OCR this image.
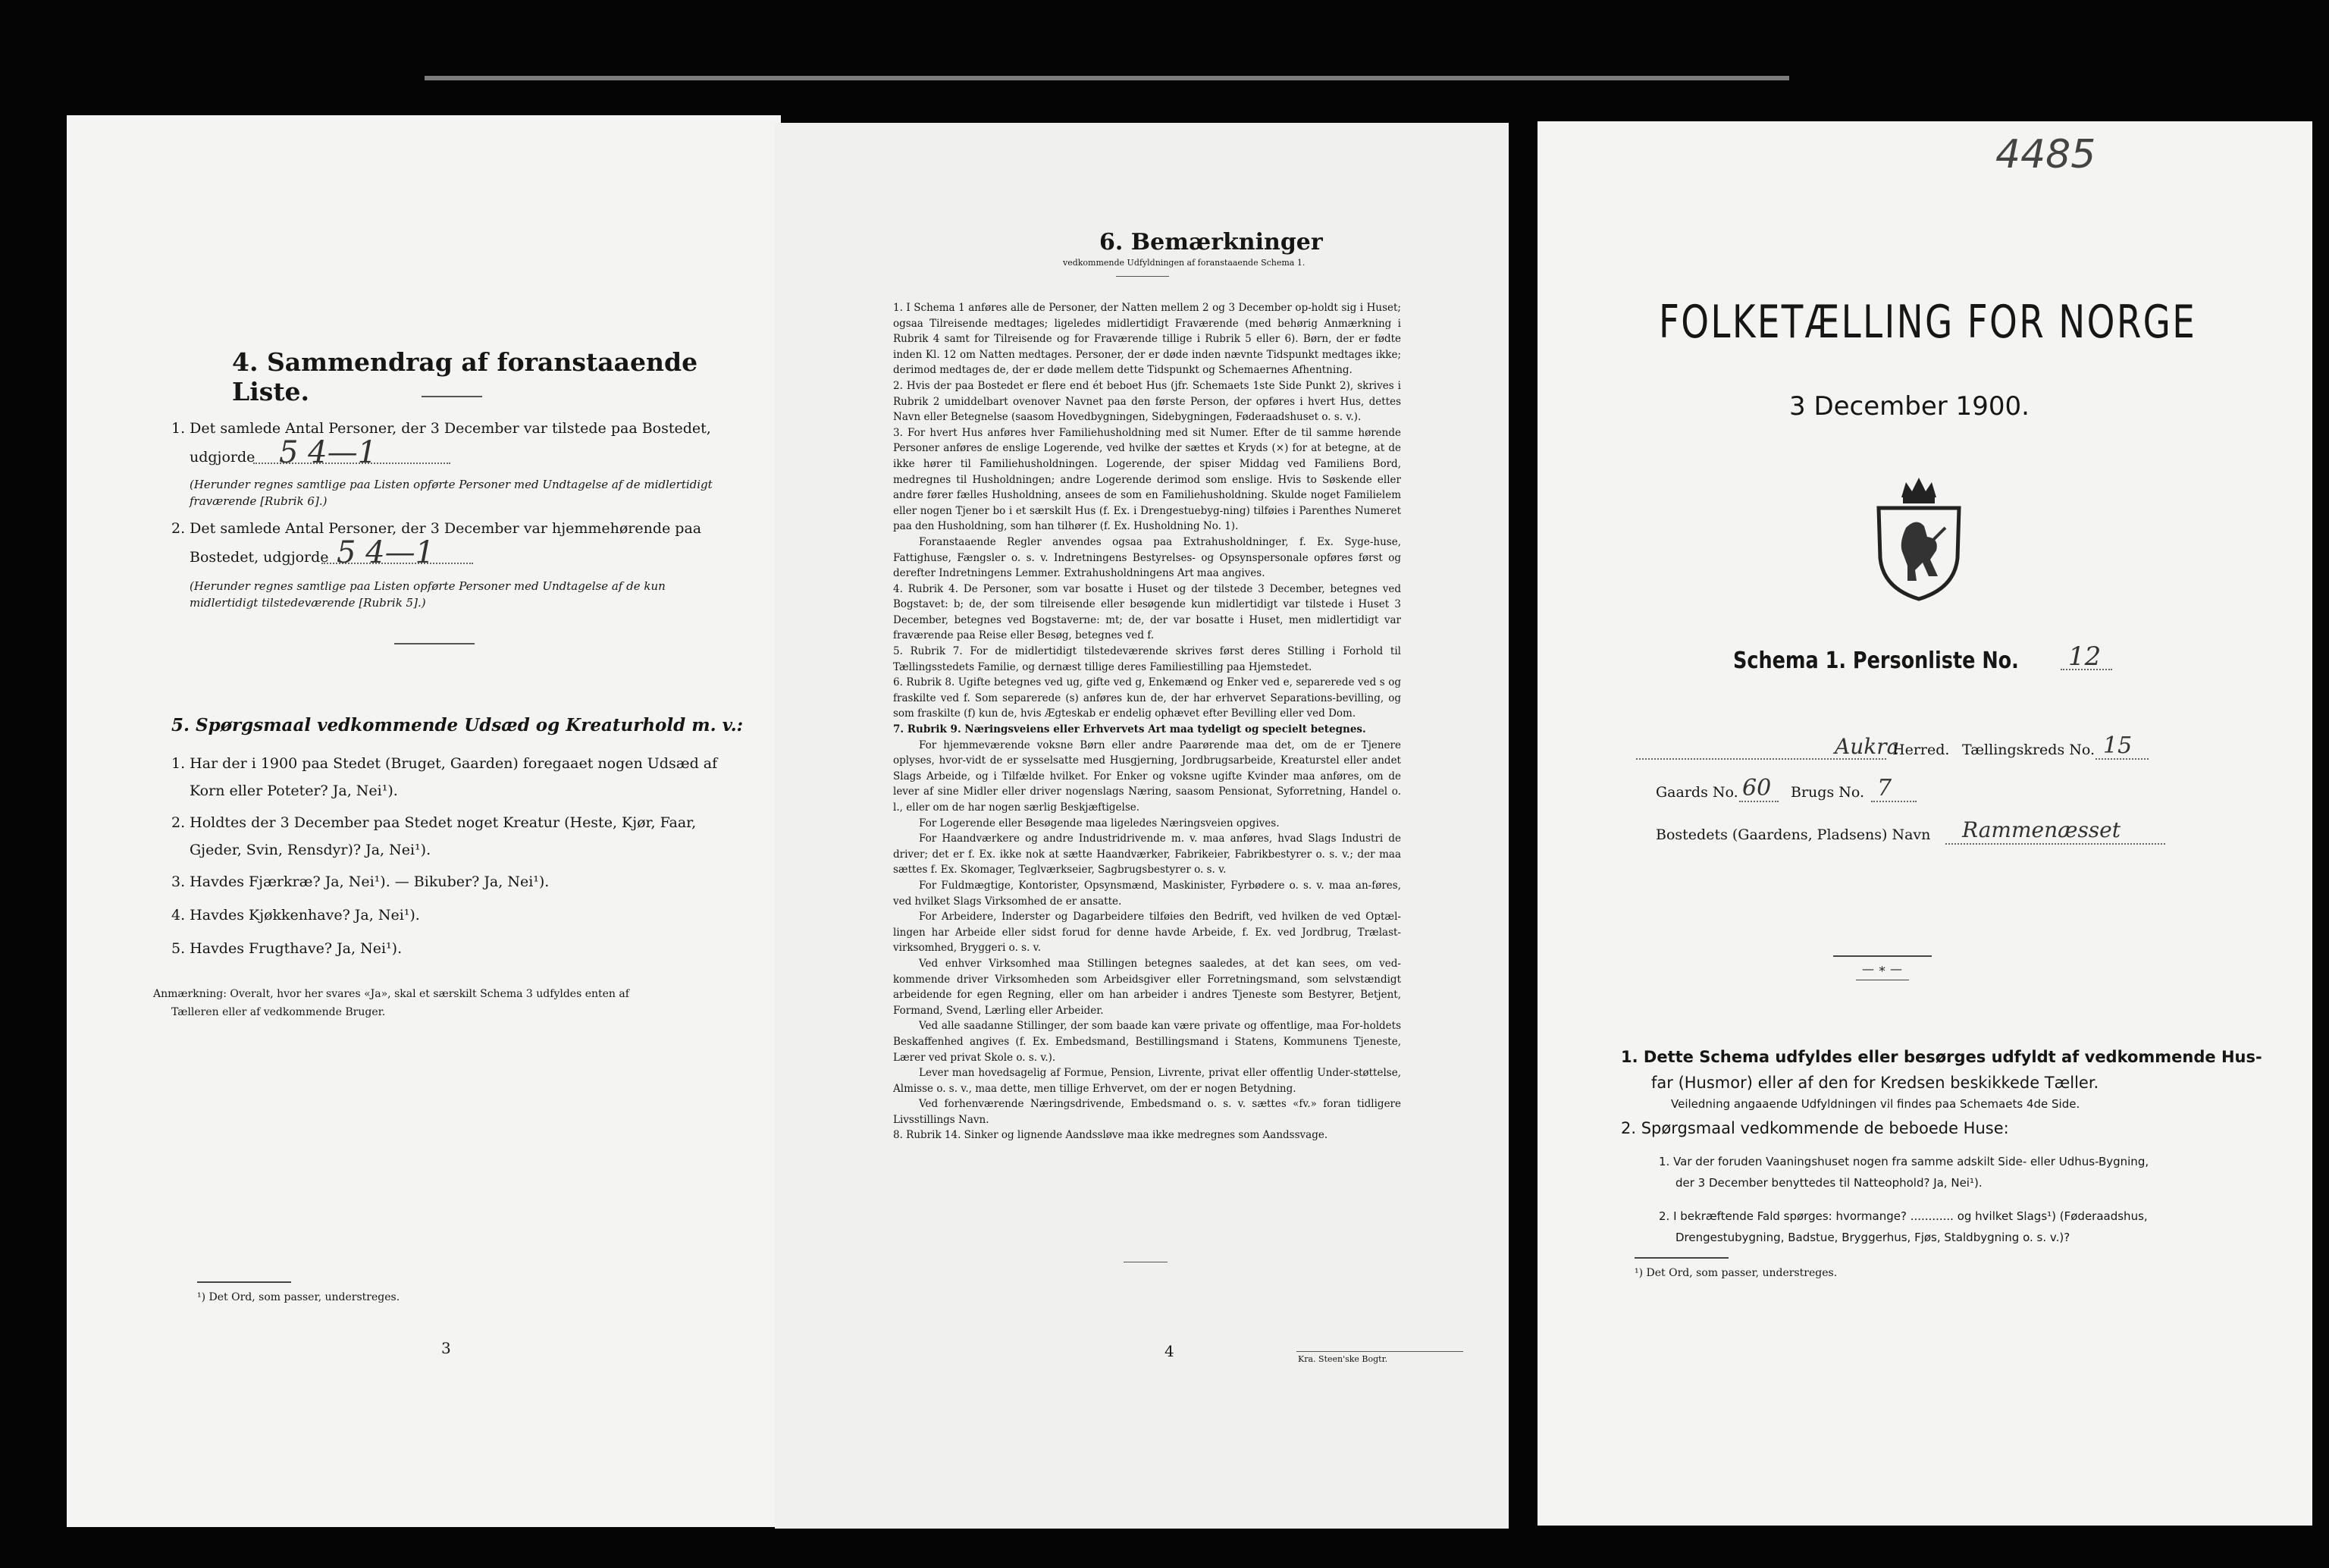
4. Sammendrag af foranstaaende Liste.
1. Det samlede Antal Personer, der 3 December var tilstede paa Bostedet,
udgjorde 5 4—1
(Herunder regnes samtlige paa Listen opførte Personer med Undtagelse af de midlertidigt
fraværende [Rubrik 6].)
2. Det samlede Antal Personer, der 3 December var hjemmehørende paa
Bostedet, udgjorde 5 4—1
(Herunder regnes samtlige paa Listen opførte Personer med Undtagelse af de kun
midlertidigt tilstedeværende [Rubrik 5].)
5. Spørgsmaal vedkommende Udsæd og Kreaturhold m. v.:
1. Har der i 1900 paa Stedet (Bruget, Gaarden) foregaaet nogen Udsæd af
Korn eller Poteter? Ja, Nei¹).
2. Holdtes der 3 December paa Stedet noget Kreatur (Heste, Kjør, Faar,
Gjeder, Svin, Rensdyr)? Ja, Nei¹).
3. Havdes Fjærkræ? Ja, Nei¹). — Bikuber? Ja, Nei¹).
4. Havdes Kjøkkenhave? Ja, Nei¹).
5. Havdes Frugthave? Ja, Nei¹).
Anmærkning: Overalt, hvor her svares «Ja», skal et særskilt Schema 3 udfyldes enten af
Tælleren eller af vedkommende Bruger.
¹) Det Ord, som passer, understreges.
3
6. Bemærkninger
vedkommende Udfyldningen af foranstaaende Schema 1.

1. I Schema 1 anføres alle de Personer, der Natten mellem 2 og 3 December op-holdt sig i Huset; ogsaa Tilreisende medtages; ligeledes midlertidigt Fraværende (med behørig Anmærkning i Rubrik 4 samt for Tilreisende og for Fraværende tillige i Rubrik 5 eller 6). Børn, der er fødte inden Kl. 12 om Natten medtages. Personer, der er døde inden nævnte Tidspunkt medtages ikke; derimod medtages de, der er døde mellem dette Tidspunkt og Schemaernes Afhentning.

2. Hvis der paa Bostedet er flere end ét beboet Hus (jfr. Schemaets 1ste Side Punkt 2), skrives i Rubrik 2 umiddelbart ovenover Navnet paa den første Person, der opføres i hvert Hus, dettes Navn eller Betegnelse (saasom Hovedbygningen, Sidebygningen, Føderaadshuset o. s. v.).

3. For hvert Hus anføres hver Familiehusholdning med sit Numer. Efter de til samme hørende Personer anføres de enslige Logerende, ved hvilke der sættes et Kryds (×) for at betegne, at de ikke hører til Familiehusholdningen. Logerende, der spiser Middag ved Familiens Bord, medregnes til Husholdningen; andre Logerende derimod som enslige. Hvis to Søskende eller andre fører fælles Husholdning, ansees de som en Familiehusholdning. Skulde noget Familielem eller nogen Tjener bo i et særskilt Hus (f. Ex. i Drengestuebyg-ning) tilføies i Parenthes Numeret paa den Husholdning, som han tilhører (f. Ex. Husholdning No. 1).

Foranstaaende Regler anvendes ogsaa paa Extrahusholdninger, f. Ex. Syge-huse, Fattighuse, Fængsler o. s. v. Indretningens Bestyrelses- og Opsynspersonale opføres først og derefter Indretningens Lemmer. Extrahusholdningens Art maa angives.

4. Rubrik 4. De Personer, som var bosatte i Huset og der tilstede 3 December, betegnes ved Bogstavet: b; de, der som tilreisende eller besøgende kun midlertidigt var tilstede i Huset 3 December, betegnes ved Bogstaverne: mt; de, der var bosatte i Huset, men midlertidigt var fraværende paa Reise eller Besøg, betegnes ved f.

5. Rubrik 7. For de midlertidigt tilstedeværende skrives først deres Stilling i Forhold til Tællingsstedets Familie, og dernæst tillige deres Familiestilling paa Hjemstedet.

6. Rubrik 8. Ugifte betegnes ved ug, gifte ved g, Enkemænd og Enker ved e, separerede ved s og fraskilte ved f. Som separerede (s) anføres kun de, der har erhvervet Separations-bevilling, og som fraskilte (f) kun de, hvis Ægteskab er endelig ophævet efter Bevilling eller ved Dom.

7. Rubrik 9. Næringsveiens eller Erhvervets Art maa tydeligt og specielt betegnes.

For hjemmeværende voksne Børn eller andre Paarørende maa det, om de er Tjenere oplyses, hvor-vidt de er sysselsatte med Husgjerning, Jordbrugsarbeide, Kreaturstel eller andet Slags Arbeide, og i Tilfælde hvilket. For Enker og voksne ugifte Kvinder maa anføres, om de lever af sine Midler eller driver nogenslags Næring, saasom Pensionat, Syforretning, Handel o. l., eller om de har nogen særlig Beskjæftigelse.

For Logerende eller Besøgende maa ligeledes Næringsveien opgives.

For Haandværkere og andre Industridrivende m. v. maa anføres, hvad Slags Industri de driver; det er f. Ex. ikke nok at sætte Haandværker, Fabrikeier, Fabrikbestyrer o. s. v.; der maa sættes f. Ex. Skomager, Teglværkseier, Sagbrugsbestyrer o. s. v.

For Fuldmægtige, Kontorister, Opsynsmænd, Maskinister, Fyrbødere o. s. v. maa an-føres, ved hvilket Slags Virksomhed de er ansatte.

For Arbeidere, Inderster og Dagarbeidere tilføies den Bedrift, ved hvilken de ved Optæl-lingen har Arbeide eller sidst forud for denne havde Arbeide, f. Ex. ved Jordbrug, Trælast-virksomhed, Bryggeri o. s. v.

Ved enhver Virksomhed maa Stillingen betegnes saaledes, at det kan sees, om ved-kommende driver Virksomheden som Arbeidsgiver eller Forretningsmand, som selvstændigt arbeidende for egen Regning, eller om han arbeider i andres Tjeneste som Bestyrer, Betjent, Formand, Svend, Lærling eller Arbeider.

Ved alle saadanne Stillinger, der som baade kan være private og offentlige, maa For-holdets Beskaffenhed angives (f. Ex. Embedsmand, Bestillingsmand i Statens, Kommunens Tjeneste, Lærer ved privat Skole o. s. v.).

Lever man hovedsagelig af Formue, Pension, Livrente, privat eller offentlig Under-støttelse, Almisse o. s. v., maa dette, men tillige Erhvervet, om der er nogen Betydning.

Ved forhenværende Næringsdrivende, Embedsmand o. s. v. sættes «fv.» foran tidligere Livsstillings Navn.

8. Rubrik 14. Sinker og lignende Aandssløve maa ikke medregnes som Aandssvage.

4	Kra. Steen'ske Bogtr.
4485
FOLKETÆLLING FOR NORGE
3 December 1900.
Schema 1. Personliste No. 12
Aukra
Herred. Tællingskreds No. 15
Gaards No. 60 Brugs No. 7
Bostedets (Gaardens, Pladsens) Navn Rammenæsset
— ∗ —
1. Dette Schema udfyldes eller besørges udfyldt af vedkommende Hus-
far (Husmor) eller af den for Kredsen beskikkede Tæller.
Veiledning angaaende Udfyldningen vil findes paa Schemaets 4de Side.
2. Spørgsmaal vedkommende de beboede Huse:
1. Var der foruden Vaaningshuset nogen fra samme adskilt Side- eller Udhus-Bygning,
der 3 December benyttedes til Natteophold? Ja, Nei¹).
2. I bekræftende Fald spørges: hvormange? ............ og hvilket Slags¹) (Føderaadshus,
Drengestubygning, Badstue, Bryggerhus, Fjøs, Staldbygning o. s. v.)?
¹) Det Ord, som passer, understreges.
